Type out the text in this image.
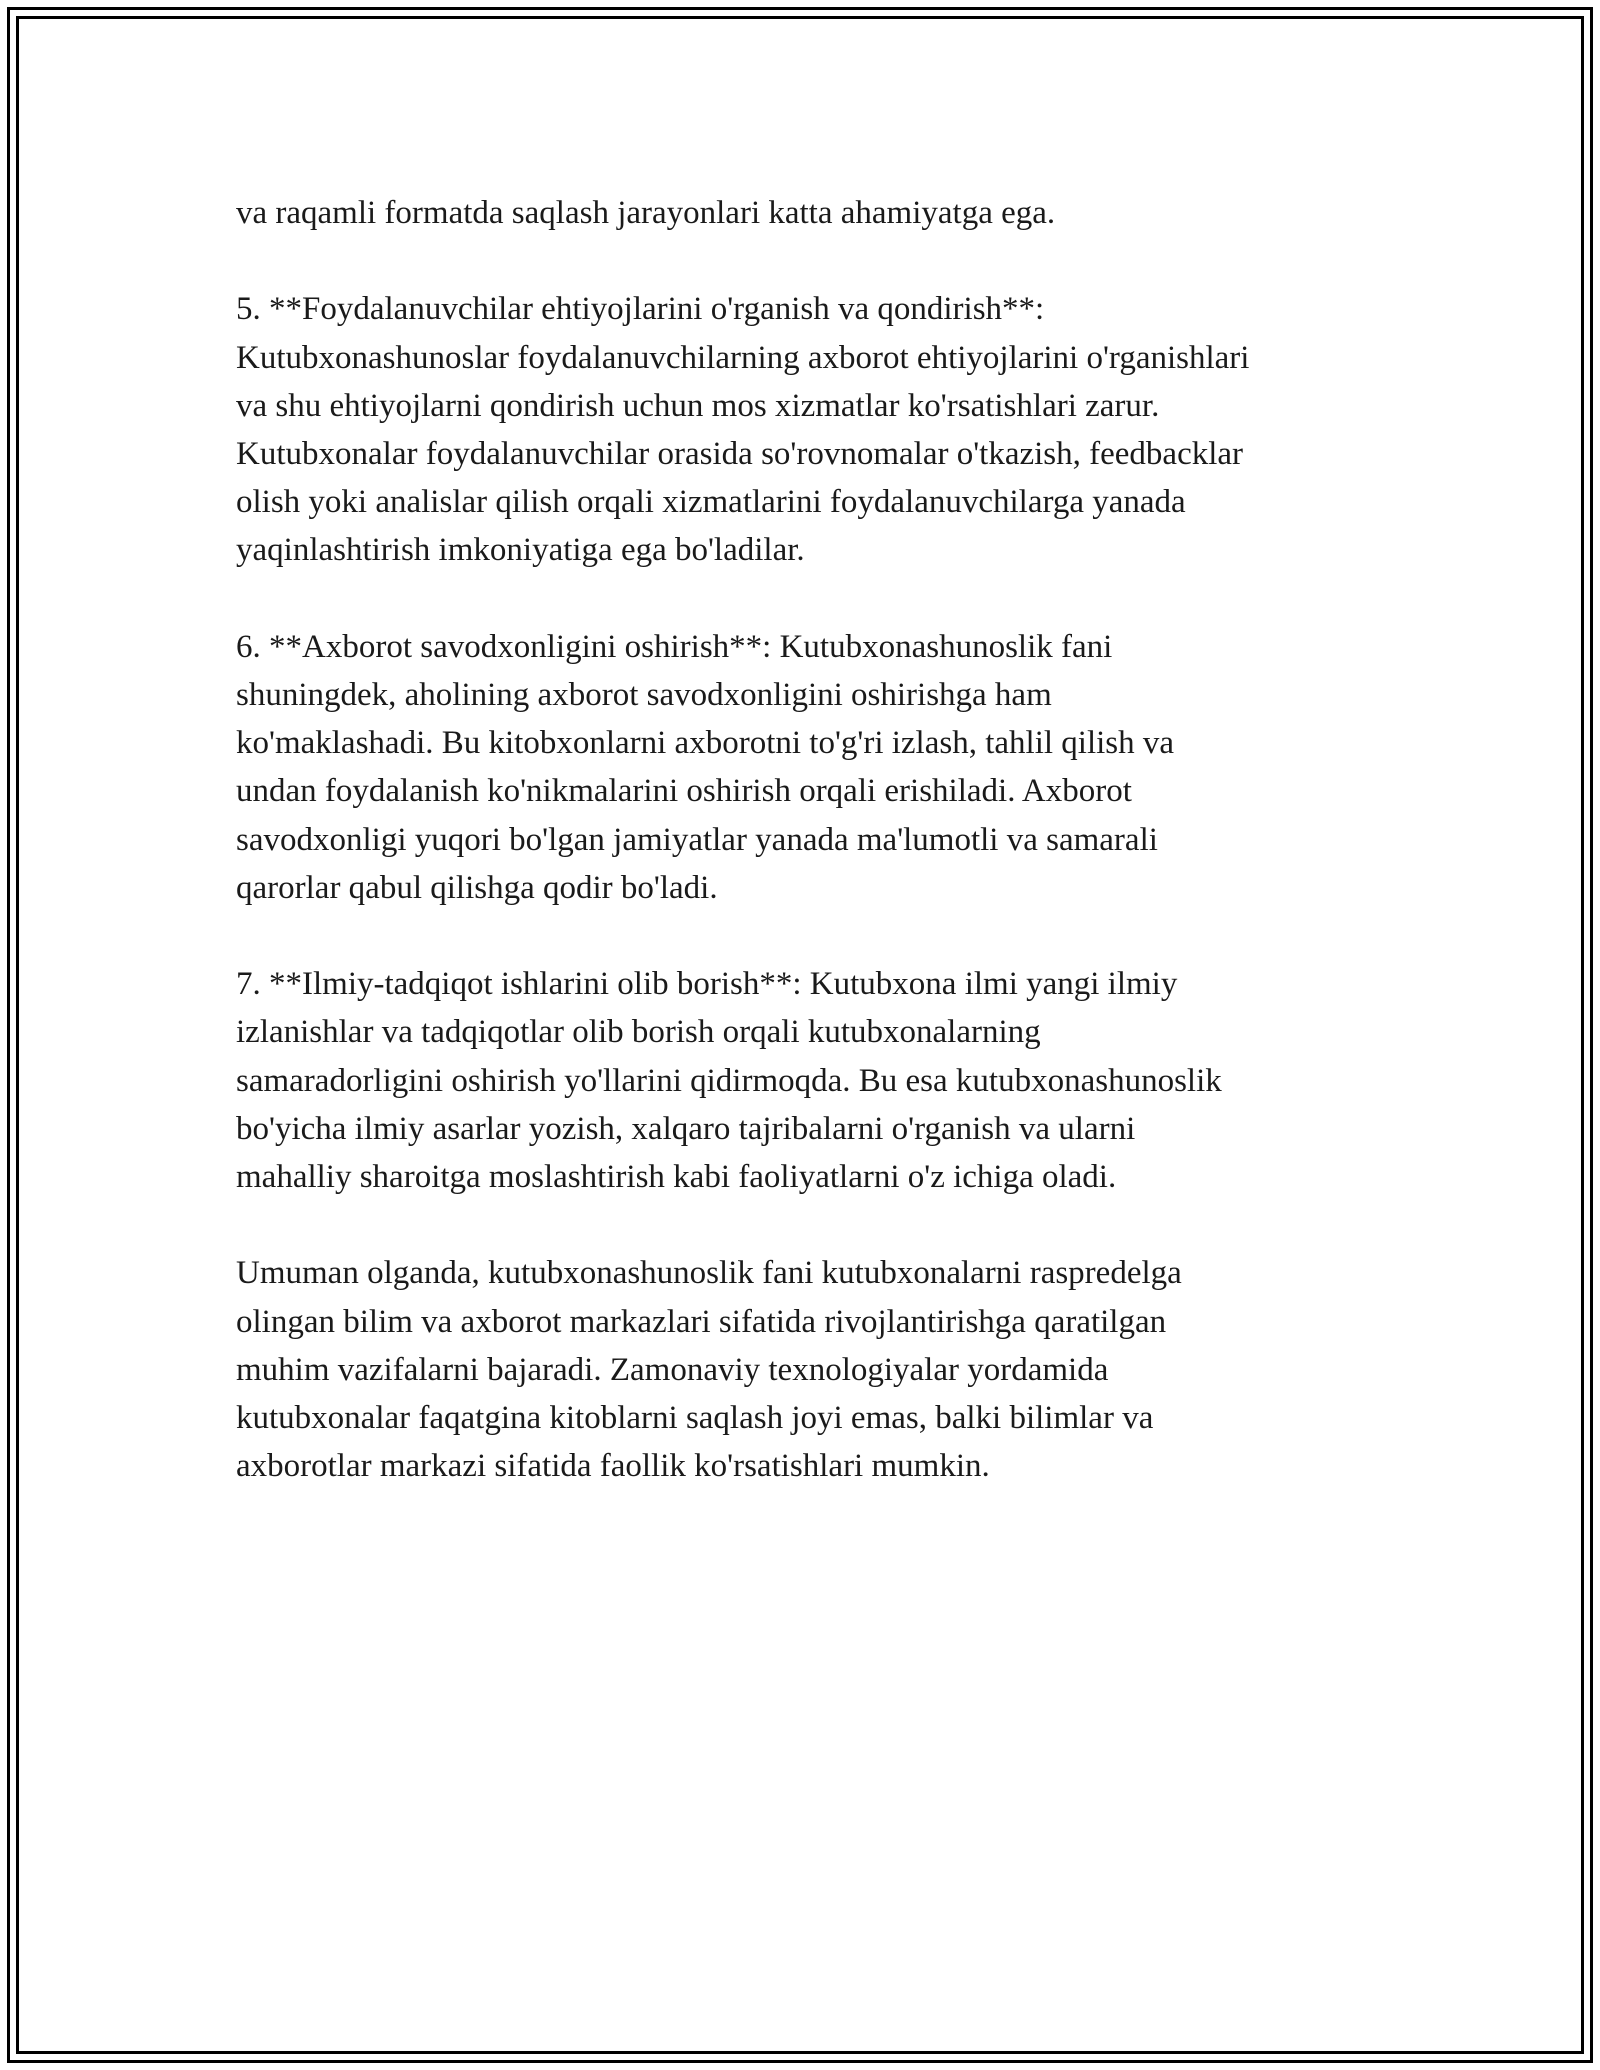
va raqamli formatda saqlash jarayonlari katta ahamiyatga ega.

5. **Foydalanuvchilar ehtiyojlarini o'rganish va qondirish**:
Kutubxonashunoslar foydalanuvchilarning axborot ehtiyojlarini o'rganishlari
va shu ehtiyojlarni qondirish uchun mos xizmatlar ko'rsatishlari zarur.
Kutubxonalar foydalanuvchilar orasida so'rovnomalar o'tkazish, feedbacklar
olish yoki analislar qilish orqali xizmatlarini foydalanuvchilarga yanada
yaqinlashtirish imkoniyatiga ega bo'ladilar.

6. **Axborot savodxonligini oshirish**: Kutubxonashunoslik fani
shuningdek, aholining axborot savodxonligini oshirishga ham
ko'maklashadi. Bu kitobxonlarni axborotni to'g'ri izlash, tahlil qilish va
undan foydalanish ko'nikmalarini oshirish orqali erishiladi. Axborot
savodxonligi yuqori bo'lgan jamiyatlar yanada ma'lumotli va samarali
qarorlar qabul qilishga qodir bo'ladi.

7. **Ilmiy-tadqiqot ishlarini olib borish**: Kutubxona ilmi yangi ilmiy
izlanishlar va tadqiqotlar olib borish orqali kutubxonalarning
samaradorligini oshirish yo'llarini qidirmoqda. Bu esa kutubxonashunoslik
bo'yicha ilmiy asarlar yozish, xalqaro tajribalarni o'rganish va ularni
mahalliy sharoitga moslashtirish kabi faoliyatlarni o'z ichiga oladi.

Umuman olganda, kutubxonashunoslik fani kutubxonalarni raspredelga
olingan bilim va axborot markazlari sifatida rivojlantirishga qaratilgan
muhim vazifalarni bajaradi. Zamonaviy texnologiyalar yordamida
kutubxonalar faqatgina kitoblarni saqlash joyi emas, balki bilimlar va
axborotlar markazi sifatida faollik ko'rsatishlari mumkin.
